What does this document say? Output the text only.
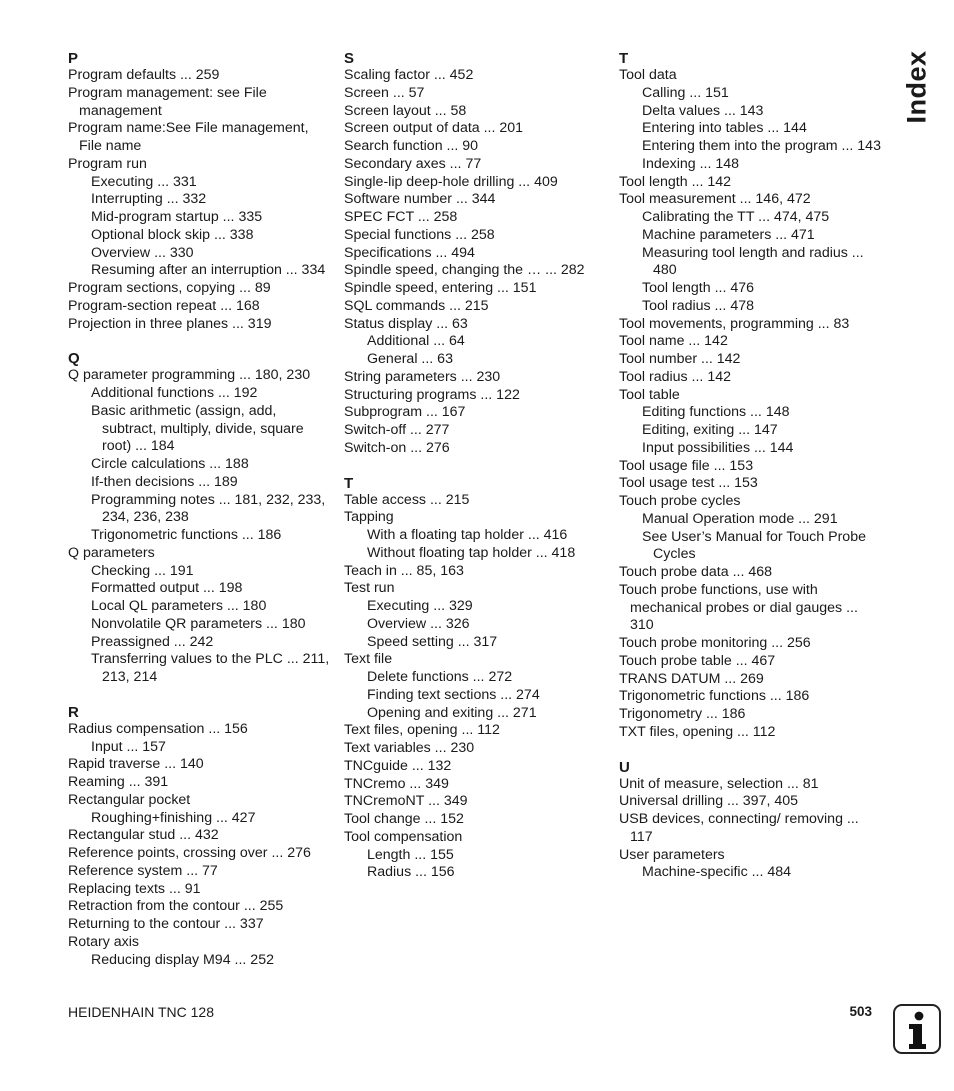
P
Program defaults ... 259
Program management: see File management
Program name:See File management, File name
Program run
Executing ... 331
Interrupting ... 332
Mid-program startup ... 335
Optional block skip ... 338
Overview ... 330
Resuming after an interruption ... 334
Program sections, copying ... 89
Program-section repeat ... 168
Projection in three planes ... 319
Q
Q parameter programming ... 180, 230
Additional functions ... 192
Basic arithmetic (assign, add, subtract, multiply, divide, square root) ... 184
Circle calculations ... 188
If-then decisions ... 189
Programming notes ... 181, 232, 233, 234, 236, 238
Trigonometric functions ... 186
Q parameters
Checking ... 191
Formatted output ... 198
Local QL parameters ... 180
Nonvolatile QR parameters ... 180
Preassigned ... 242
Transferring values to the PLC ... 211, 213, 214
R
Radius compensation ... 156
Input ... 157
Rapid traverse ... 140
Reaming ... 391
Rectangular pocket
Roughing+finishing ... 427
Rectangular stud ... 432
Reference points, crossing over ... 276
Reference system ... 77
Replacing texts ... 91
Retraction from the contour ... 255
Returning to the contour ... 337
Rotary axis
Reducing display M94 ... 252
S
Scaling factor ... 452
Screen ... 57
Screen layout ... 58
Screen output of data ... 201
Search function ... 90
Secondary axes ... 77
Single-lip deep-hole drilling ... 409
Software number ... 344
SPEC FCT ... 258
Special functions ... 258
Specifications ... 494
Spindle speed, changing the … ... 282
Spindle speed, entering ... 151
SQL commands ... 215
Status display ... 63
Additional ... 64
General ... 63
String parameters ... 230
Structuring programs ... 122
Subprogram ... 167
Switch-off ... 277
Switch-on ... 276
T
Table access ... 215
Tapping
With a floating tap holder ... 416
Without floating tap holder ... 418
Teach in ... 85, 163
Test run
Executing ... 329
Overview ... 326
Speed setting ... 317
Text file
Delete functions ... 272
Finding text sections ... 274
Opening and exiting ... 271
Text files, opening ... 112
Text variables ... 230
TNCguide ... 132
TNCremo ... 349
TNCremoNT ... 349
Tool change ... 152
Tool compensation
Length ... 155
Radius ... 156
T
Tool data
Calling ... 151
Delta values ... 143
Entering into tables ... 144
Entering them into the program ... 143
Indexing ... 148
Tool length ... 142
Tool measurement ... 146, 472
Calibrating the TT ... 474, 475
Machine parameters ... 471
Measuring tool length and radius ... 480
Tool length ... 476
Tool radius ... 478
Tool movements, programming ... 83
Tool name ... 142
Tool number ... 142
Tool radius ... 142
Tool table
Editing functions ... 148
Editing, exiting ... 147
Input possibilities ... 144
Tool usage file ... 153
Tool usage test ... 153
Touch probe cycles
Manual Operation mode ... 291
See User’s Manual for Touch Probe Cycles
Touch probe data ... 468
Touch probe functions, use with mechanical probes or dial gauges ... 310
Touch probe monitoring ... 256
Touch probe table ... 467
TRANS DATUM ... 269
Trigonometric functions ... 186
Trigonometry ... 186
TXT files, opening ... 112
U
Unit of measure, selection ... 81
Universal drilling ... 397, 405
USB devices, connecting/ removing ... 117
User parameters
Machine-specific ... 484
Index
HEIDENHAIN TNC 128	503
